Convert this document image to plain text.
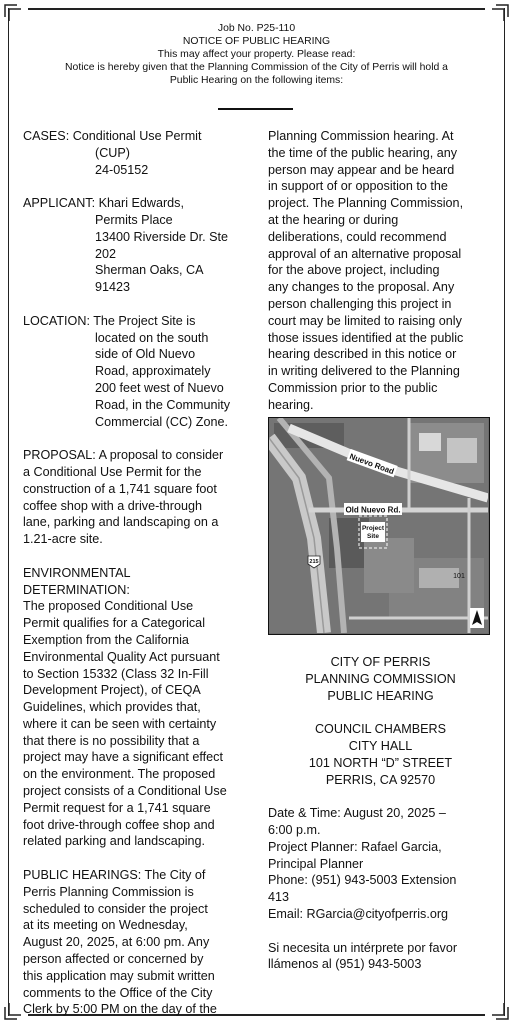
Job No. P25-110
NOTICE OF PUBLIC HEARING
This may affect your property. Please read:
Notice is hereby given that the Planning Commission of the City of Perris will hold a
Public Hearing on the following items:

CASES: Conditional Use Permit

(CUP)
24-05152

APPLICANT: Khari Edwards,

Permits Place
13400 Riverside Dr. Ste
202
Sherman Oaks, CA
91423

LOCATION: The Project Site is

located on the south
side of Old Nuevo
Road, approximately
200 feet west of Nuevo
Road, in the Community
Commercial (CC) Zone.

PROPOSAL: A proposal to consider

a Conditional Use Permit for the

construction of a 1,741 square foot

coffee shop with a drive-through

lane, parking and landscaping on a

1.21-acre site.

ENVIRONMENTAL

DETERMINATION:

The proposed Conditional Use

Permit qualifies for a Categorical

Exemption from the California

Environmental Quality Act pursuant

to Section 15332 (Class 32 In-Fill

Development Project), of CEQA

Guidelines, which provides that,

where it can be seen with certainty

that there is no possibility that a

project may have a significant effect

on the environment. The proposed

project consists of a Conditional Use

Permit request for a 1,741 square

foot drive-through coffee shop and

related parking and landscaping.

PUBLIC HEARINGS: The City of

Perris Planning Commission is

scheduled to consider the project

at its meeting on Wednesday,

August 20, 2025, at 6:00 pm. Any

person affected or concerned by

this application may submit written

comments to the Office of the City

Clerk by 5:00 PM on the day of the

Planning Commission hearing. At

the time of the public hearing, any

person may appear and be heard

in support of or opposition to the

project. The Planning Commission,

at the hearing or during

deliberations, could recommend

approval of an alternative proposal

for the above project, including

any changes to the proposal. Any

person challenging this project in

court may be limited to raising only

those issues identified at the public

hearing described in this notice or

in writing delivered to the Planning

Commission prior to the public

hearing.

Nuevo Road
Old Nuevo Rd.
Project
Site
215
101
CITY OF PERRIS
PLANNING COMMISSION
PUBLIC HEARING
COUNCIL CHAMBERS
CITY HALL
101 NORTH “D” STREET
PERRIS, CA 92570
Date & Time: August 20, 2025 –
6:00 p.m.
Project Planner: Rafael Garcia,
Principal Planner
Phone: (951) 943-5003 Extension
413
Email: RGarcia@cityofperris.org
Si necesita un intérprete por favor
llámenos al (951) 943-5003
